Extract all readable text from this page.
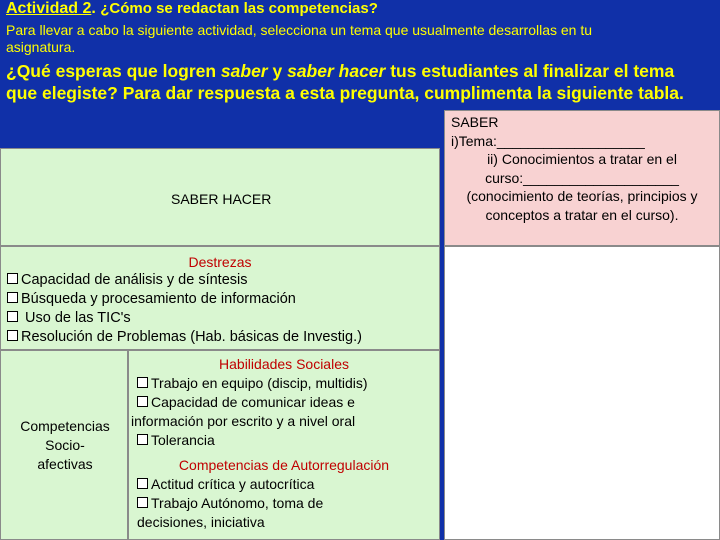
Actividad 2. ¿Cómo se redactan las competencias?
Para llevar a cabo la siguiente actividad, selecciona un tema que usualmente desarrollas en tu asignatura.
¿Qué esperas que logren saber y saber hacer tus estudiantes al finalizar el tema que elegiste? Para dar respuesta a esta pregunta, cumplimenta la siguiente tabla.
SABER
i)Tema:___________________
ii) Conocimientos a tratar en el curso:____________________
(conocimiento de teorías, principios y conceptos a tratar en el curso).
SABER HACER
Destrezas
Capacidad de análisis y de síntesis
Búsqueda y procesamiento de información
Uso de las TIC's
Resolución de Problemas (Hab. básicas de Investig.)
Competencias
Socio-
afectivas
Habilidades Sociales
Trabajo en equipo (discip, multidis)
Capacidad de comunicar ideas e
información por escrito y a nivel oral
Tolerancia
Competencias de Autorregulación
Actitud crítica y autocrítica
Trabajo Autónomo, toma de
decisiones, iniciativa
